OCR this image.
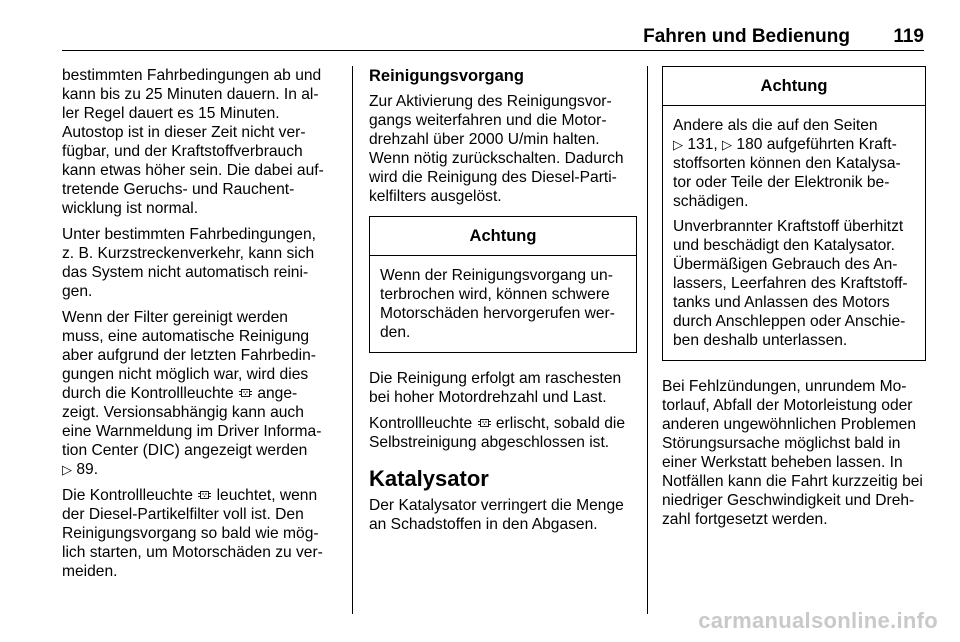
Fahren und Bedienung 119

bestimmten Fahrbedingungen ab und
kann bis zu 25 Minuten dauern. In al-
ler Regel dauert es 15 Minuten.
Autostop ist in dieser Zeit nicht ver-
fügbar, und der Kraftstoffverbrauch
kann etwas höher sein. Die dabei auf-
tretende Geruchs- und Rauchent-
wicklung ist normal.

Unter bestimmten Fahrbedingungen,
z. B. Kurzstreckenverkehr, kann sich
das System nicht automatisch reini-
gen.

Wenn der Filter gereinigt werden
muss, eine automatische Reinigung
aber aufgrund der letzten Fahrbedin-
gungen nicht möglich war, wird dies
durch die Kontrollleuchte ange-
zeigt. Versionsabhängig kann auch
eine Warnmeldung im Driver Informa-
tion Center (DIC) angezeigt werden
▷ 89.

Die Kontrollleuchte leuchtet, wenn
der Diesel-Partikelfilter voll ist. Den
Reinigungsvorgang so bald wie mög-
lich starten, um Motorschäden zu ver-
meiden.

Reinigungsvorgang

Zur Aktivierung des Reinigungsvor-
gangs weiterfahren und die Motor-
drehzahl über 2000 U/min halten.
Wenn nötig zurückschalten. Dadurch
wird die Reinigung des Diesel-Parti-
kelfilters ausgelöst.

Achtung

Wenn der Reinigungsvorgang un-
terbrochen wird, können schwere
Motorschäden hervorgerufen wer-
den.

Die Reinigung erfolgt am raschesten
bei hoher Motordrehzahl und Last.

Kontrollleuchte erlischt, sobald die
Selbstreinigung abgeschlossen ist.

Katalysator

Der Katalysator verringert die Menge
an Schadstoffen in den Abgasen.

Achtung

Andere als die auf den Seiten
▷ 131, ▷ 180 aufgeführten Kraft-
stoffsorten können den Katalysa-
tor oder Teile der Elektronik be-
schädigen.

Unverbrannter Kraftstoff überhitzt
und beschädigt den Katalysator.
Übermäßigen Gebrauch des An-
lassers, Leerfahren des Kraftstoff-
tanks und Anlassen des Motors
durch Anschleppen oder Anschie-
ben deshalb unterlassen.

Bei Fehlzündungen, unrundem Mo-
torlauf, Abfall der Motorleistung oder
anderen ungewöhnlichen Problemen
Störungsursache möglichst bald in
einer Werkstatt beheben lassen. In
Notfällen kann die Fahrt kurzzeitig bei
niedriger Geschwindigkeit und Dreh-
zahl fortgesetzt werden.

carmanualsonline.info
